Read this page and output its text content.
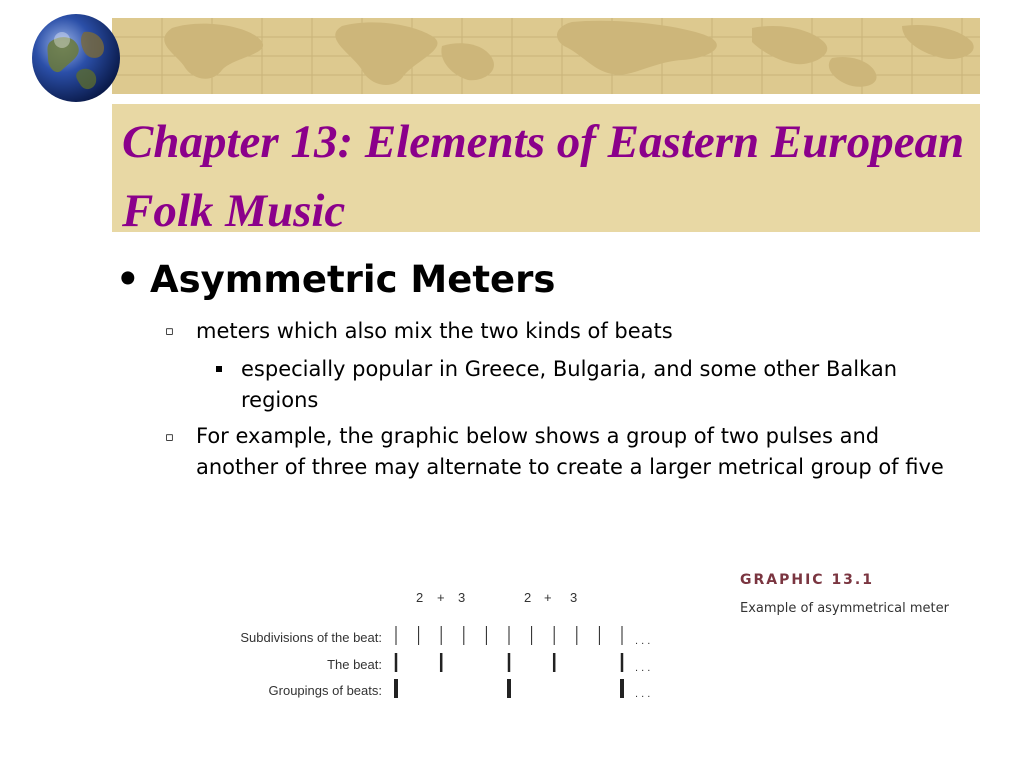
Chapter 13: Elements of Eastern European Folk Music
• Asymmetric Meters
▫ meters which also mix the two kinds of beats
especially popular in Greece, Bulgaria, and some other Balkan regions
▫ For example, the graphic below shows a group of two pulses and another of three may alternate to create a larger metrical group of five
GRAPHIC 13.1
Example of asymmetrical meter
2 + 3	2 + 3
Subdivisions of the beat:
The beat:
Groupings of beats:
. . .
. . .
. . .
